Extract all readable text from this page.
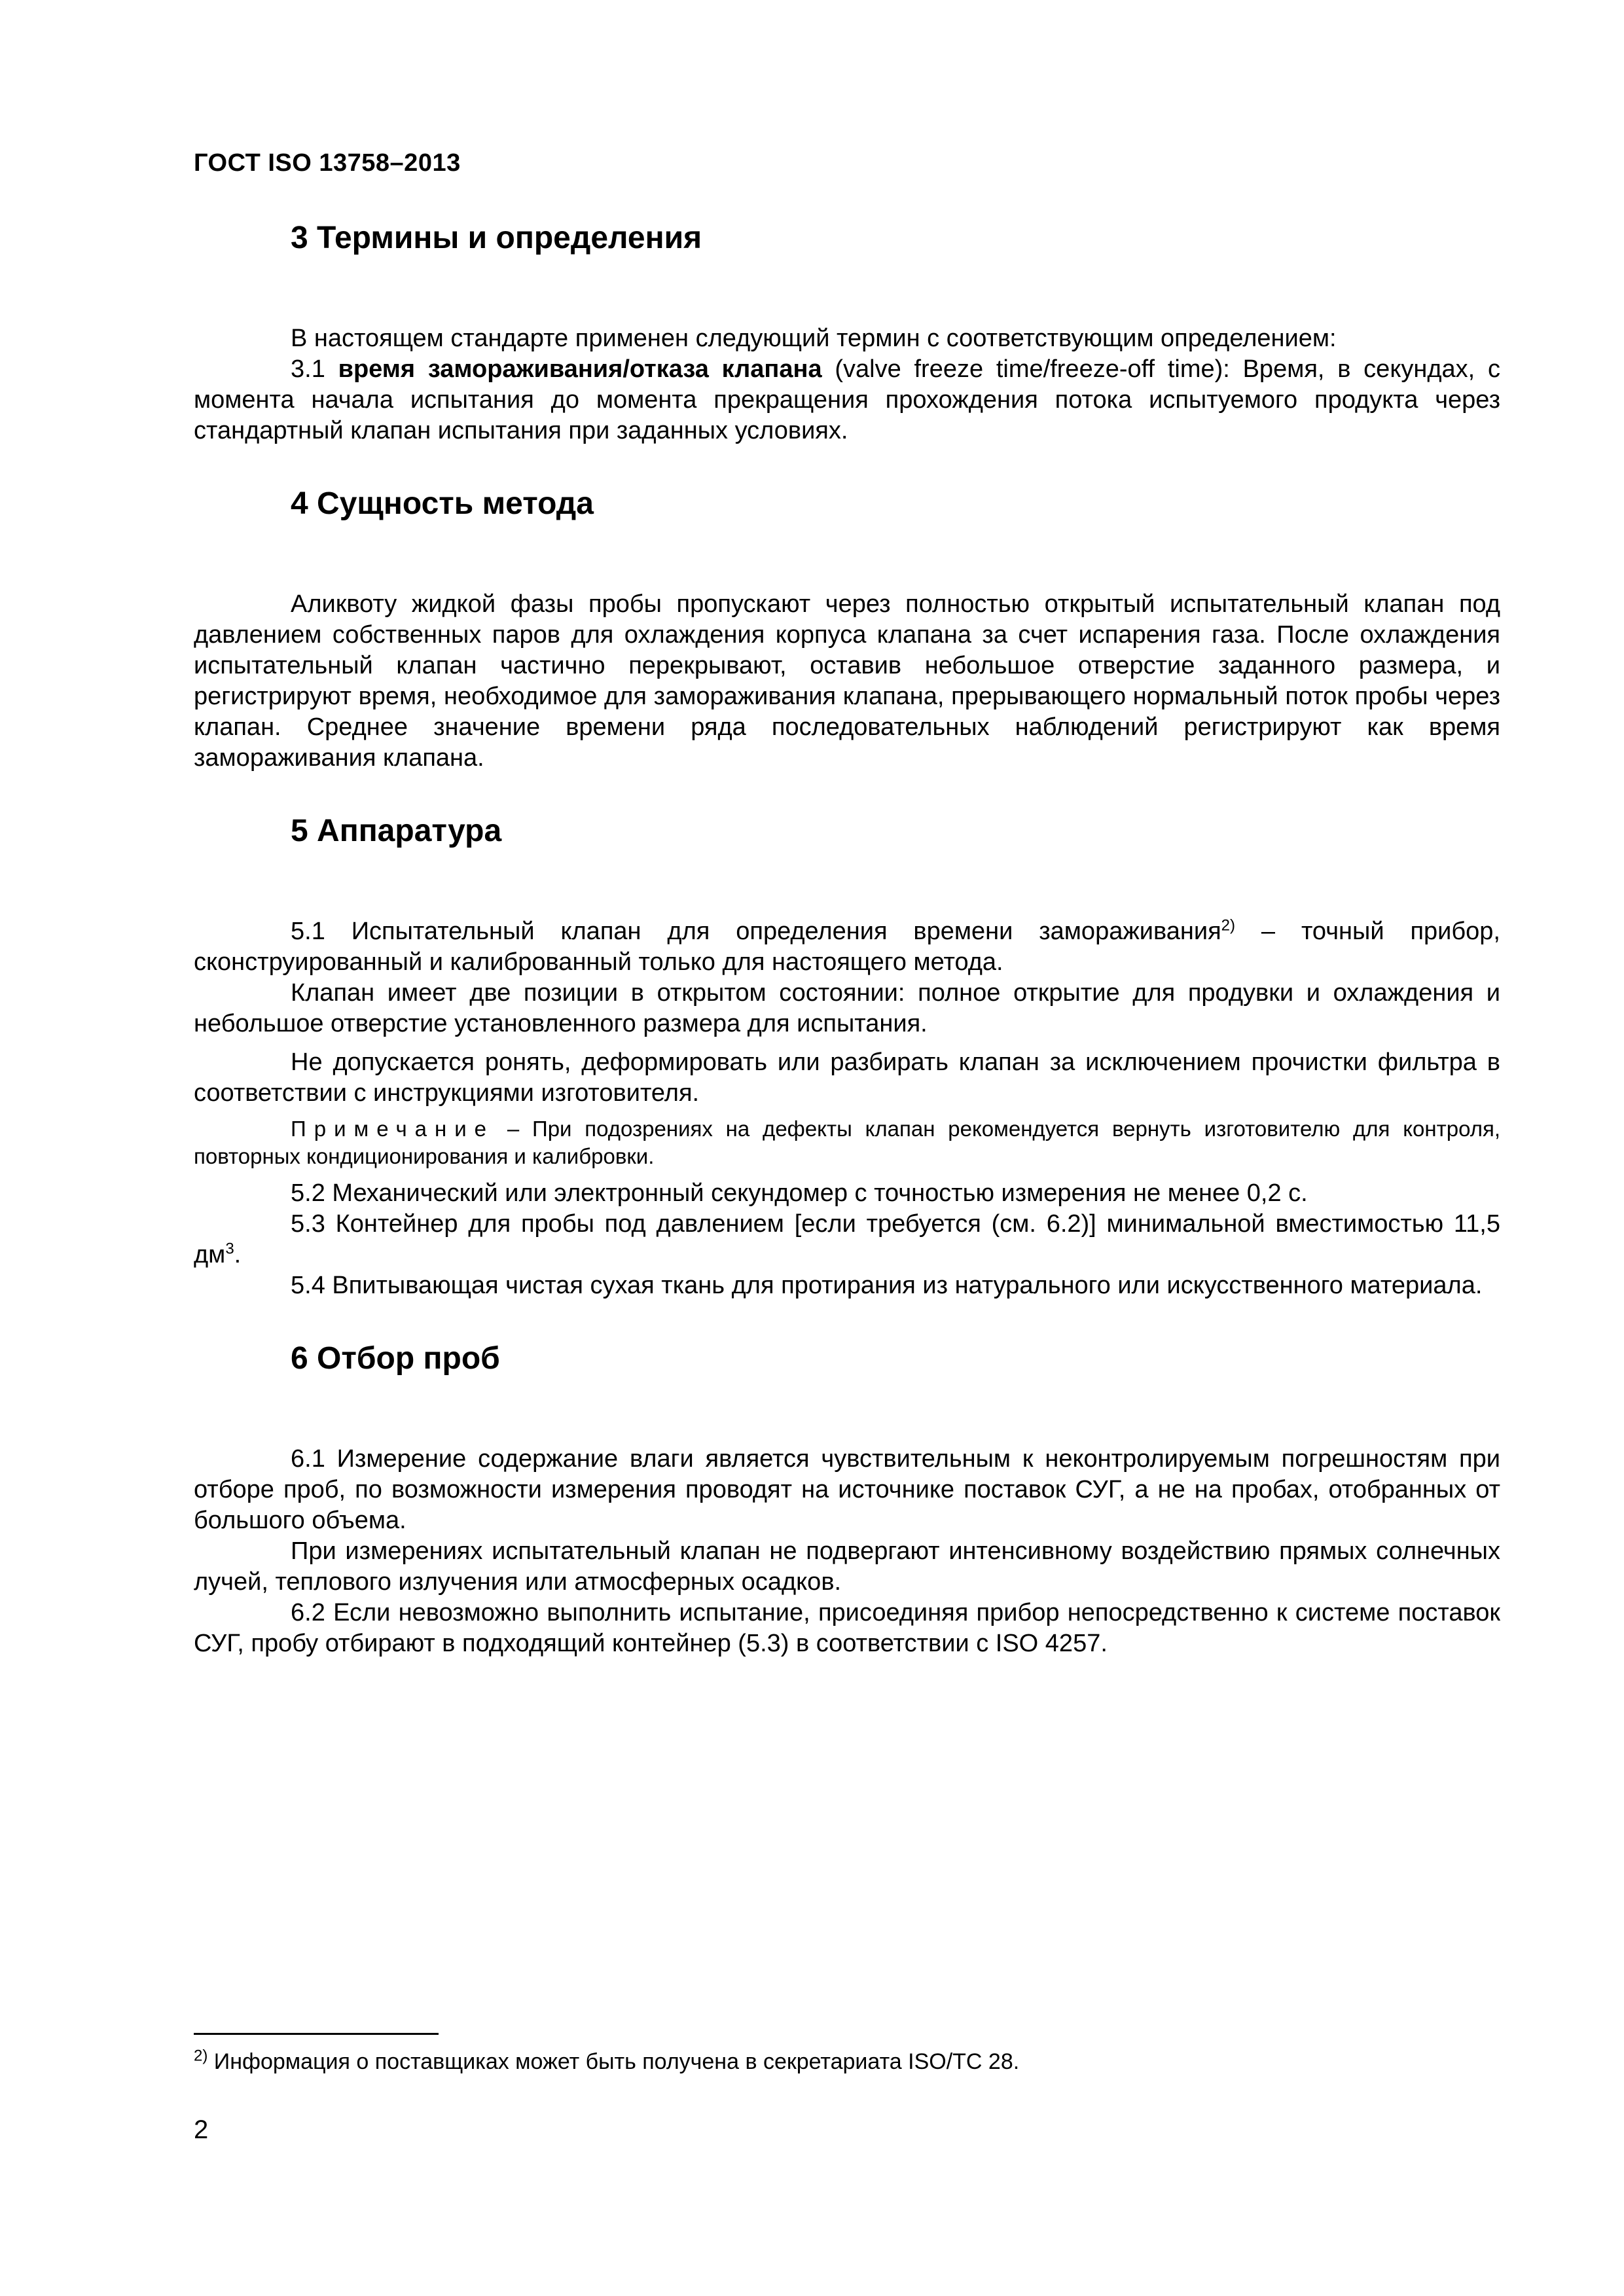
ГОСТ ISO 13758–2013
3 Термины и определения

В настоящем стандарте применен следующий термин с соответствующим определением:

3.1 время замораживания/отказа клапана (valve freeze time/freeze-off time): Время, в секундах, с момента начала испытания до момента прекращения прохождения потока испытуемого продукта через стандартный клапан испытания при заданных условиях.

4 Сущность метода

Аликвоту жидкой фазы пробы пропускают через полностью открытый испытательный клапан под давлением собственных паров для охлаждения корпуса клапана за счет испарения газа. После охлаждения испытательный клапан частично перекрывают, оставив небольшое отверстие заданного размера, и регистрируют время, необходимое для замораживания клапана, прерывающего нормальный поток пробы через клапан. Среднее значение времени ряда последовательных наблюдений регистрируют как время замораживания клапана.

5 Аппаратура

5.1 Испытательный клапан для определения времени замораживания$^{2)}$ – точный прибор, сконструированный и калиброванный только для настоящего метода.

Клапан имеет две позиции в открытом состоянии: полное открытие для продувки и охлаждения и небольшое отверстие установленного размера для испытания.

Не допускается ронять, деформировать или разбирать клапан за исключением прочистки фильтра в соответствии с инструкциями изготовителя.

Примечание – При подозрениях на дефекты клапан рекомендуется вернуть изготовителю для контроля, повторных кондиционирования и калибровки.

5.2 Механический или электронный секундомер с точностью измерения не менее 0,2 с.

5.3 Контейнер для пробы под давлением [если требуется (см. 6.2)] минимальной вместимостью 11,5 $дм^3$.

5.4 Впитывающая чистая сухая ткань для протирания из натурального или искусственного материала.

6 Отбор проб

6.1 Измерение содержание влаги является чувствительным к неконтролируемым погрешностям при отборе проб, по возможности измерения проводят на источнике поставок СУГ, а не на пробах, отобранных от большого объема.

При измерениях испытательный клапан не подвергают интенсивному воздействию прямых солнечных лучей, теплового излучения или атмосферных осадков.

6.2 Если невозможно выполнить испытание, присоединяя прибор непосредственно к системе поставок СУГ, пробу отбирают в подходящий контейнер (5.3) в соответствии с ISO 4257.

$^{2)}$ Информация о поставщиках может быть получена в секретариата ISO/TC 28.
2
